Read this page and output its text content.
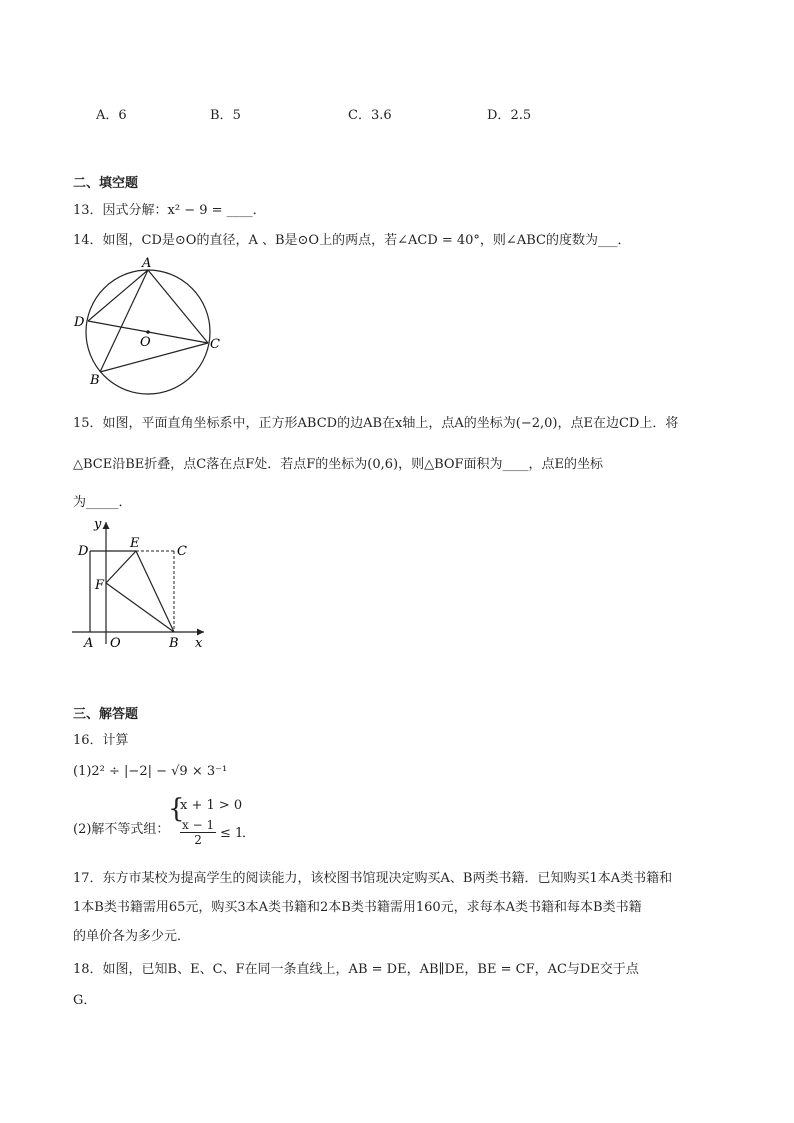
A．6	B．5	C．3.6	D．2.5
二、填空题
13．因式分解：x² − 9 = ____．
14．如图，CD是⊙O的直径，A 、B是⊙O上的两点，若∠ACD = 40°，则∠ABC的度数为___．
A
D
O	C
B
15．如图，平面直角坐标系中，正方形ABCD的边AB在x轴上，点A的坐标为(−2,0)，点E在边CD上．将
△BCE沿BE折叠，点C落在点F处．若点F的坐标为(0,6)，则△BOF面积为____，点E的坐标
为_____．
y
D
E
C
F
A O	B x
三、解答题
16．计算
(1)2² ÷ |−2| − √9 × 3⁻¹
(2)解不等式组：
{
x + 1 > 0
$\frac{x - 1}{2} \le 1$
．
17．东方市某校为提高学生的阅读能力，该校图书馆现决定购买A、B两类书籍．已知购买1本A类书籍和
1本B类书籍需用65元，购买3本A类书籍和2本B类书籍需用160元，求每本A类书籍和每本B类书籍
的单价各为多少元．
18．如图，已知B、E、C、F在同一条直线上，AB = DE，AB∥DE，BE = CF，AC与DE交于点
G．
